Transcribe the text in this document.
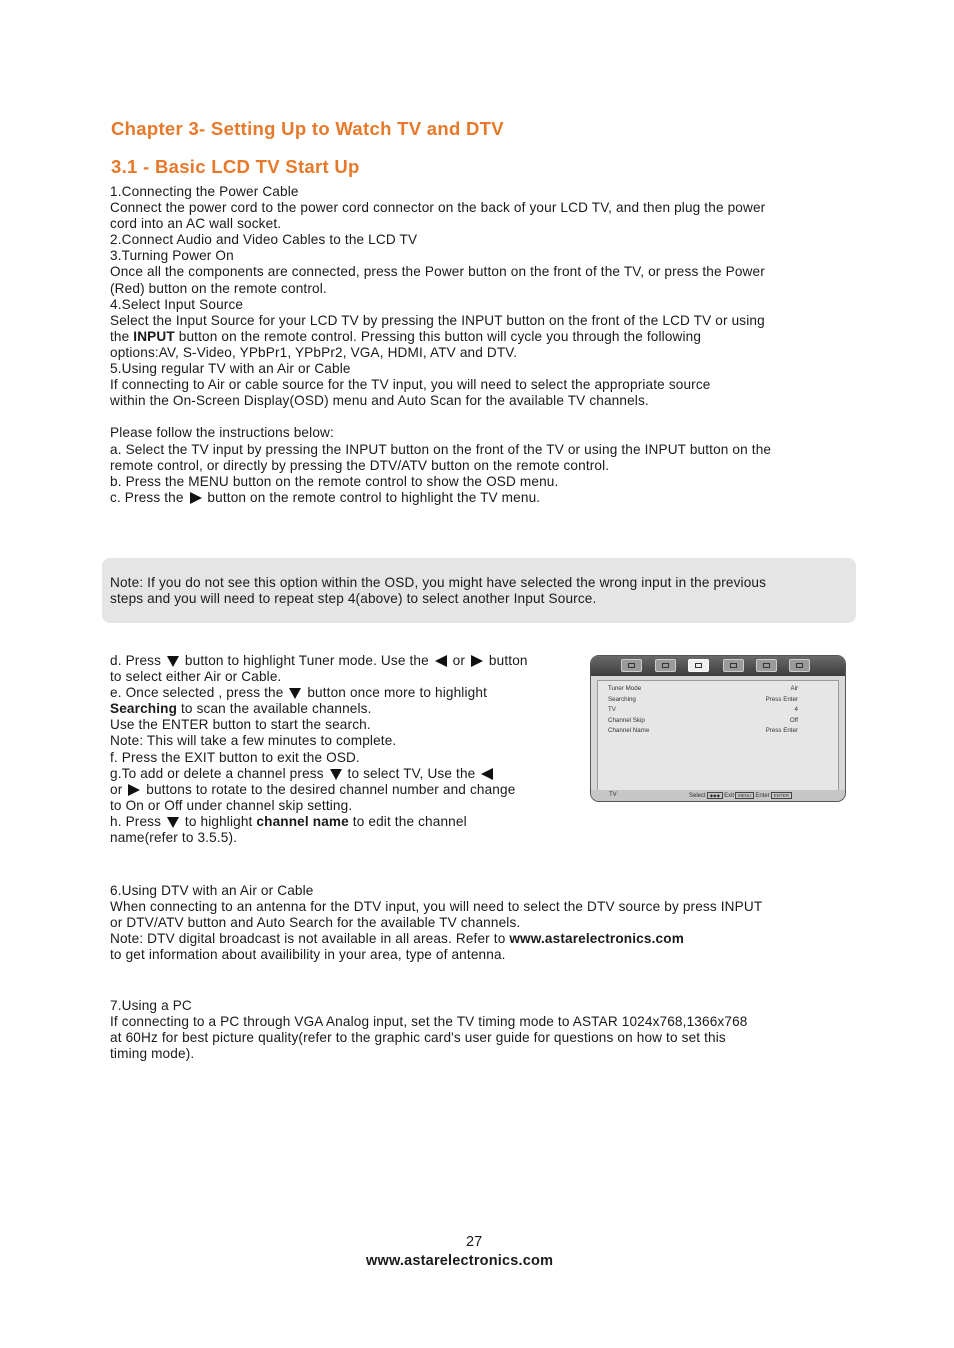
Chapter 3- Setting Up to Watch TV and DTV
3.1 - Basic LCD TV Start Up
1.Connecting the Power Cable
Connect the power cord to the power cord connector on the back of your LCD TV, and then plug the power
cord into an AC wall socket.
2.Connect Audio and Video Cables to the LCD TV
3.Turning Power On
Once all the components are connected, press the Power button on the front of the TV, or press the Power
(Red) button on the remote control.
4.Select Input Source
Select the Input Source for your LCD TV by pressing the INPUT button on the front of the LCD TV or using
the INPUT button on the remote control. Pressing this button will cycle you through the following
options:AV, S-Video, YPbPr1, YPbPr2, VGA, HDMI, ATV and DTV.
5.Using regular TV with an Air or Cable
If connecting to Air or cable source for the TV input, you will need to select the appropriate source
within the On-Screen Display(OSD) menu and Auto Scan for the available TV channels.
Please follow the instructions below:
a. Select the TV input by pressing the INPUT button on the front of the TV or using the INPUT button on the
remote control, or directly by pressing the DTV/ATV button on the remote control.
b. Press the MENU button on the remote control to show the OSD menu.
c. Press the  button on the remote control to highlight the TV menu.
Note: If you do not see this option within the OSD, you might have selected the wrong input in the previous
steps and you will need to repeat step 4(above) to select another Input Source.
d. Press  button to highlight Tuner mode. Use the  or  button
to select either Air or Cable.
e. Once selected , press the  button once more to highlight
Searching to scan the available channels.
Use the ENTER button to start the search.
Note: This will take a few minutes to complete.
f. Press the EXIT button to exit the OSD.
g.To add or delete a channel press  to select TV, Use the
or  buttons to rotate to the desired channel number and change
to On or Off under channel skip setting.
h. Press  to highlight channel name to edit the channel
name(refer to 3.5.5).
Tuner Mode	Air
Searching	Press Enter
TV	4
Channel Skip	Off
Channel Name	Press Enter
TV	Select ◆◆◆ Exit MENU Enter ENTER
6.Using DTV with an Air or Cable
When connecting to an antenna for the DTV input, you will need to select the DTV source by press INPUT
or DTV/ATV button and Auto Search for the available TV channels.
Note: DTV digital broadcast is not available in all areas. Refer to www.astarelectronics.com
to get information about availibility in your area, type of antenna.
7.Using a PC
If connecting to a PC through VGA Analog input, set the TV timing mode to ASTAR 1024x768,1366x768
at 60Hz for best picture quality(refer to the graphic card's user guide for questions on how to set this
timing mode).
27
www.astarelectronics.com
